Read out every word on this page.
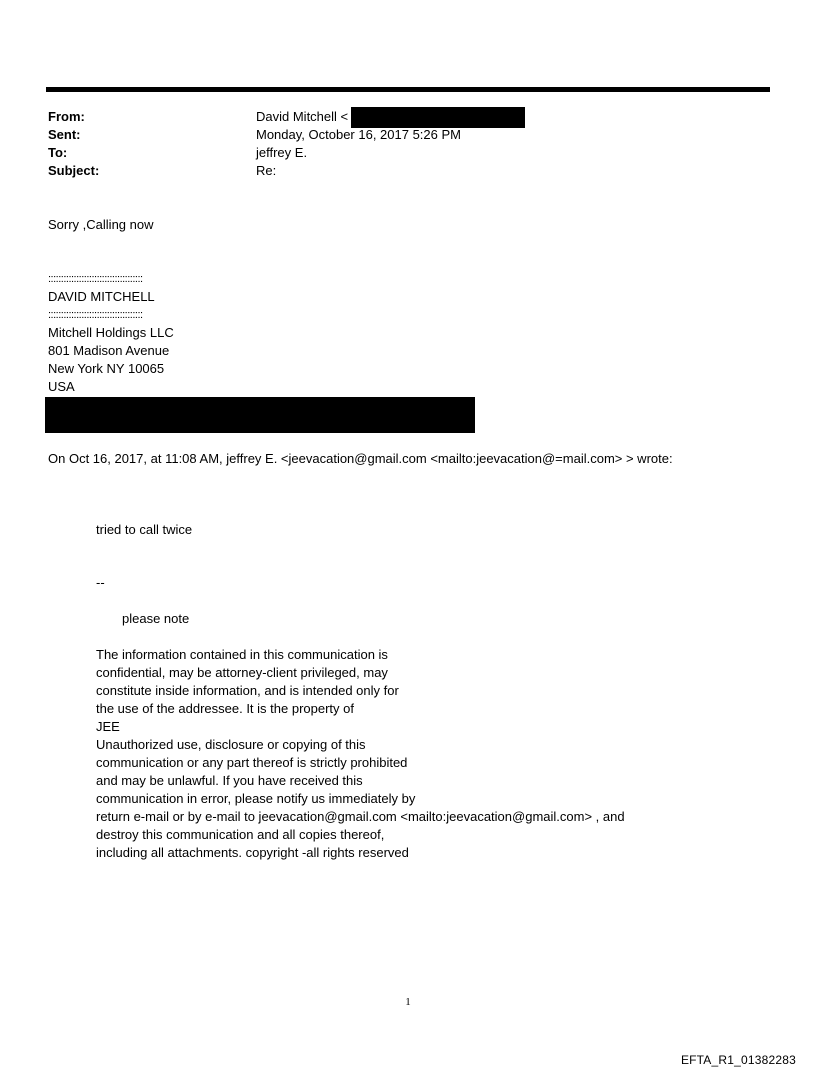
From:	David Mitchell <
Sent:	Monday, October 16, 2017 5:26 PM
To:	jeffrey E.
Subject:	Re:
Sorry ,Calling now
:::::::::::::::::::::::::::::::::::::
DAVID MITCHELL
:::::::::::::::::::::::::::::::::::::
Mitchell Holdings LLC
801 Madison Avenue
New York NY 10065
USA
On Oct 16, 2017, at 11:08 AM, jeffrey E. <jeevacation@gmail.com <mailto:jeevacation@=mail.com> > wrote:
tried to call twice
--
please note
The information contained in this communication is
confidential, may be attorney-client privileged, may
constitute inside information, and is intended only for
the use of the addressee. It is the property of
JEE
Unauthorized use, disclosure or copying of this
communication or any part thereof is strictly prohibited
and may be unlawful. If you have received this
communication in error, please notify us immediately by
return e-mail or by e-mail to jeevacation@gmail.com <mailto:jeevacation@gmail.com> , and
destroy this communication and all copies thereof,
including all attachments. copyright -all rights reserved
1
EFTA_R1_01382283
